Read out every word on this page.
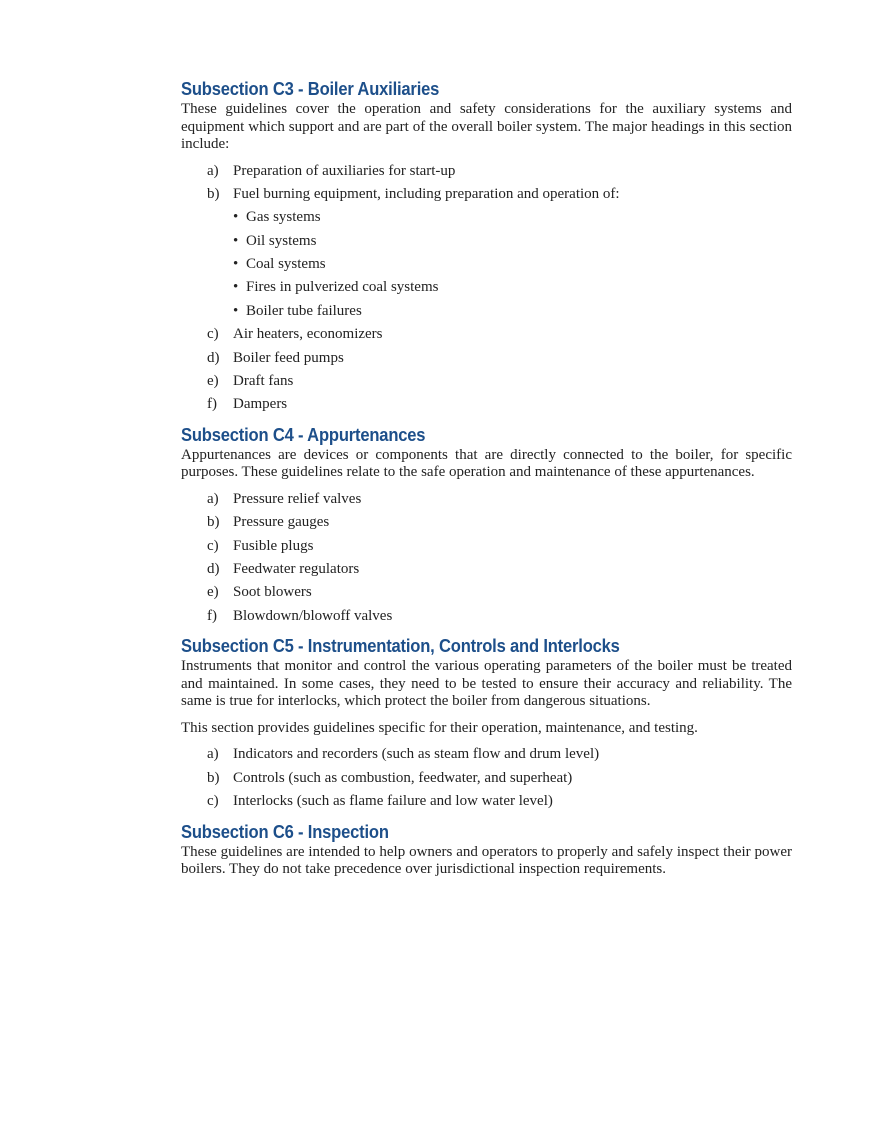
Subsection C3 - Boiler Auxiliaries

These guidelines cover the operation and safety considerations for the auxiliary systems and equipment which support and are part of the overall boiler system. The major headings in this section include:

a) Preparation of auxiliaries for start-up
b) Fuel burning equipment, including preparation and operation of:
• Gas systems
• Oil systems
• Coal systems
• Fires in pulverized coal systems
• Boiler tube failures
c) Air heaters, economizers
d) Boiler feed pumps
e) Draft fans
f) Dampers
Subsection C4 - Appurtenances

Appurtenances are devices or components that are directly connected to the boiler, for specific purposes. These guidelines relate to the safe operation and maintenance of these appurtenances.

a) Pressure relief valves
b) Pressure gauges
c) Fusible plugs
d) Feedwater regulators
e) Soot blowers
f) Blowdown/blowoff valves
Subsection C5 - Instrumentation, Controls and Interlocks

Instruments that monitor and control the various operating parameters of the boiler must be treated and maintained. In some cases, they need to be tested to ensure their accuracy and reliability. The same is true for interlocks, which protect the boiler from dangerous situations.

This section provides guidelines specific for their operation, maintenance, and testing.

a) Indicators and recorders (such as steam flow and drum level)
b) Controls (such as combustion, feedwater, and superheat)
c) Interlocks (such as flame failure and low water level)
Subsection C6 - Inspection

These guidelines are intended to help owners and operators to properly and safely inspect their power boilers. They do not take precedence over jurisdictional inspection requirements.
